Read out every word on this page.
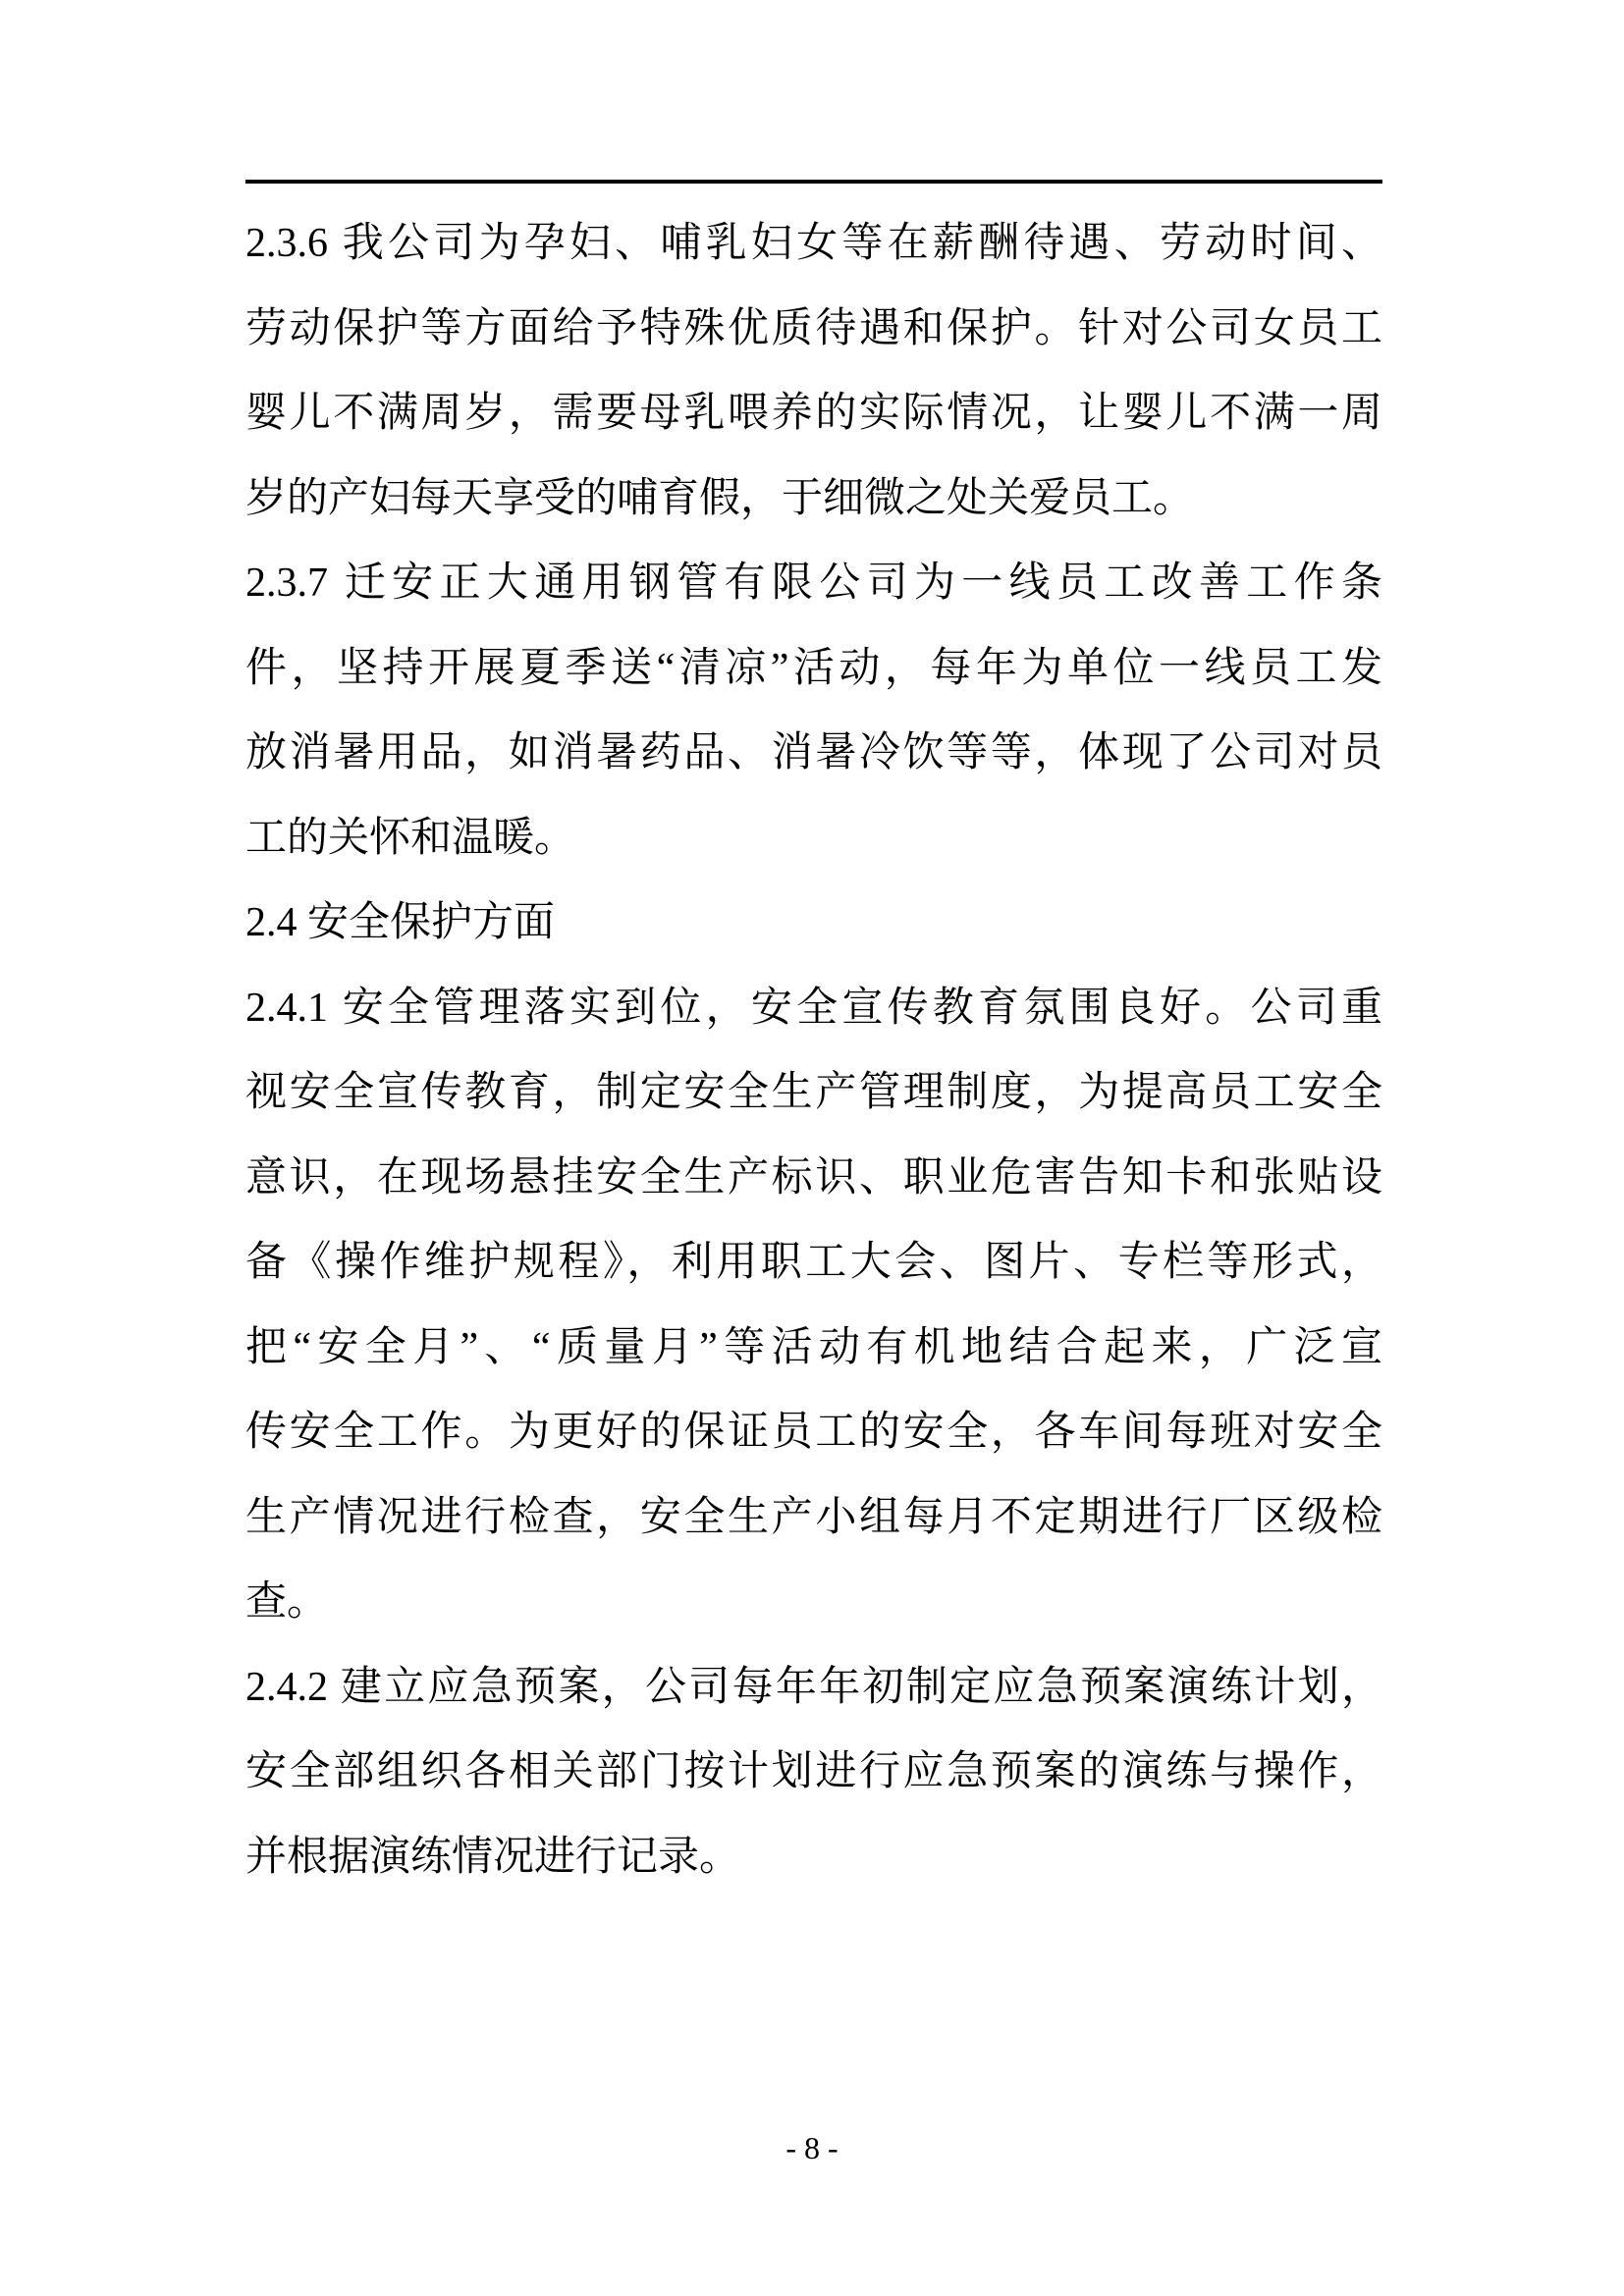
2.3.6 我公司为孕妇、哺乳妇女等在薪酬待遇、劳动时间、
劳动保护等方面给予特殊优质待遇和保护。针对公司女员工
婴儿不满周岁，需要母乳喂养的实际情况，让婴儿不满一周
岁的产妇每天享受的哺育假，于细微之处关爱员工。
2.3.7 迁安正大通用钢管有限公司为一线员工改善工作条
件，坚持开展夏季送“清凉”活动，每年为单位一线员工发
放消暑用品，如消暑药品、消暑冷饮等等，体现了公司对员
工的关怀和温暖。
2.4 安全保护方面
2.4.1 安全管理落实到位，安全宣传教育氛围良好。公司重
视安全宣传教育，制定安全生产管理制度，为提高员工安全
意识，在现场悬挂安全生产标识、职业危害告知卡和张贴设
备《操作维护规程》，利用职工大会、图片、专栏等形式，
把“安全月”、“质量月”等活动有机地结合起来，广泛宣
传安全工作。为更好的保证员工的安全，各车间每班对安全
生产情况进行检查，安全生产小组每月不定期进行厂区级检
查。
2.4.2 建立应急预案，公司每年年初制定应急预案演练计划，
安全部组织各相关部门按计划进行应急预案的演练与操作，
并根据演练情况进行记录。
- 8 -
